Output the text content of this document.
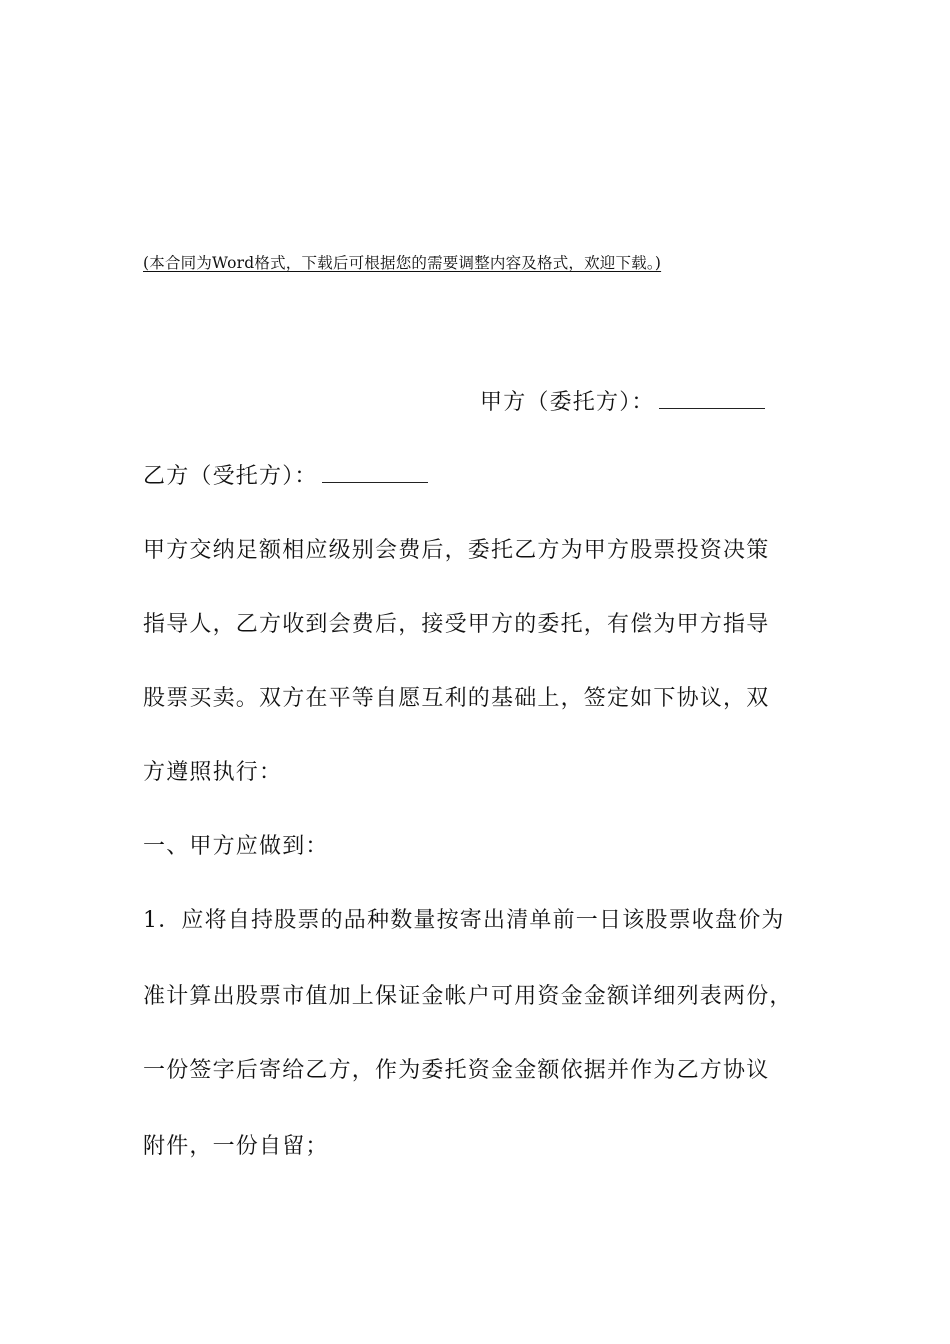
(本合同为Word格式，下载后可根据您的需要调整内容及格式，欢迎下载。)
甲方（委托方）：
乙方（受托方）：
甲方交纳足额相应级别会费后，委托乙方为甲方股票投资决策
指导人，乙方收到会费后，接受甲方的委托，有偿为甲方指导
股票买卖。双方在平等自愿互利的基础上，签定如下协议，双
方遵照执行：
一、甲方应做到：
1．应将自持股票的品种数量按寄出清单前一日该股票收盘价为
准计算出股票市值加上保证金帐户可用资金金额详细列表两份，
一份签字后寄给乙方，作为委托资金金额依据并作为乙方协议
附件，一份自留；
